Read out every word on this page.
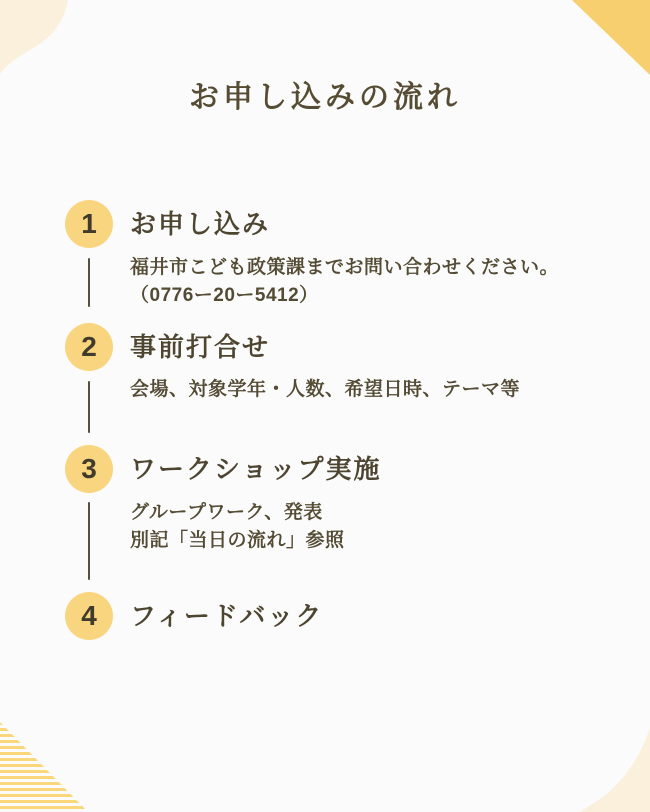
お申し込みの流れ
1 お申し込み
福井市こども政策課までお問い合わせください。
（0776ー20ー5412）
2 事前打合せ
会場、対象学年・人数、希望日時、テーマ等
3 ワークショップ実施
グループワーク、発表
別記「当日の流れ」参照
4 フィードバック
